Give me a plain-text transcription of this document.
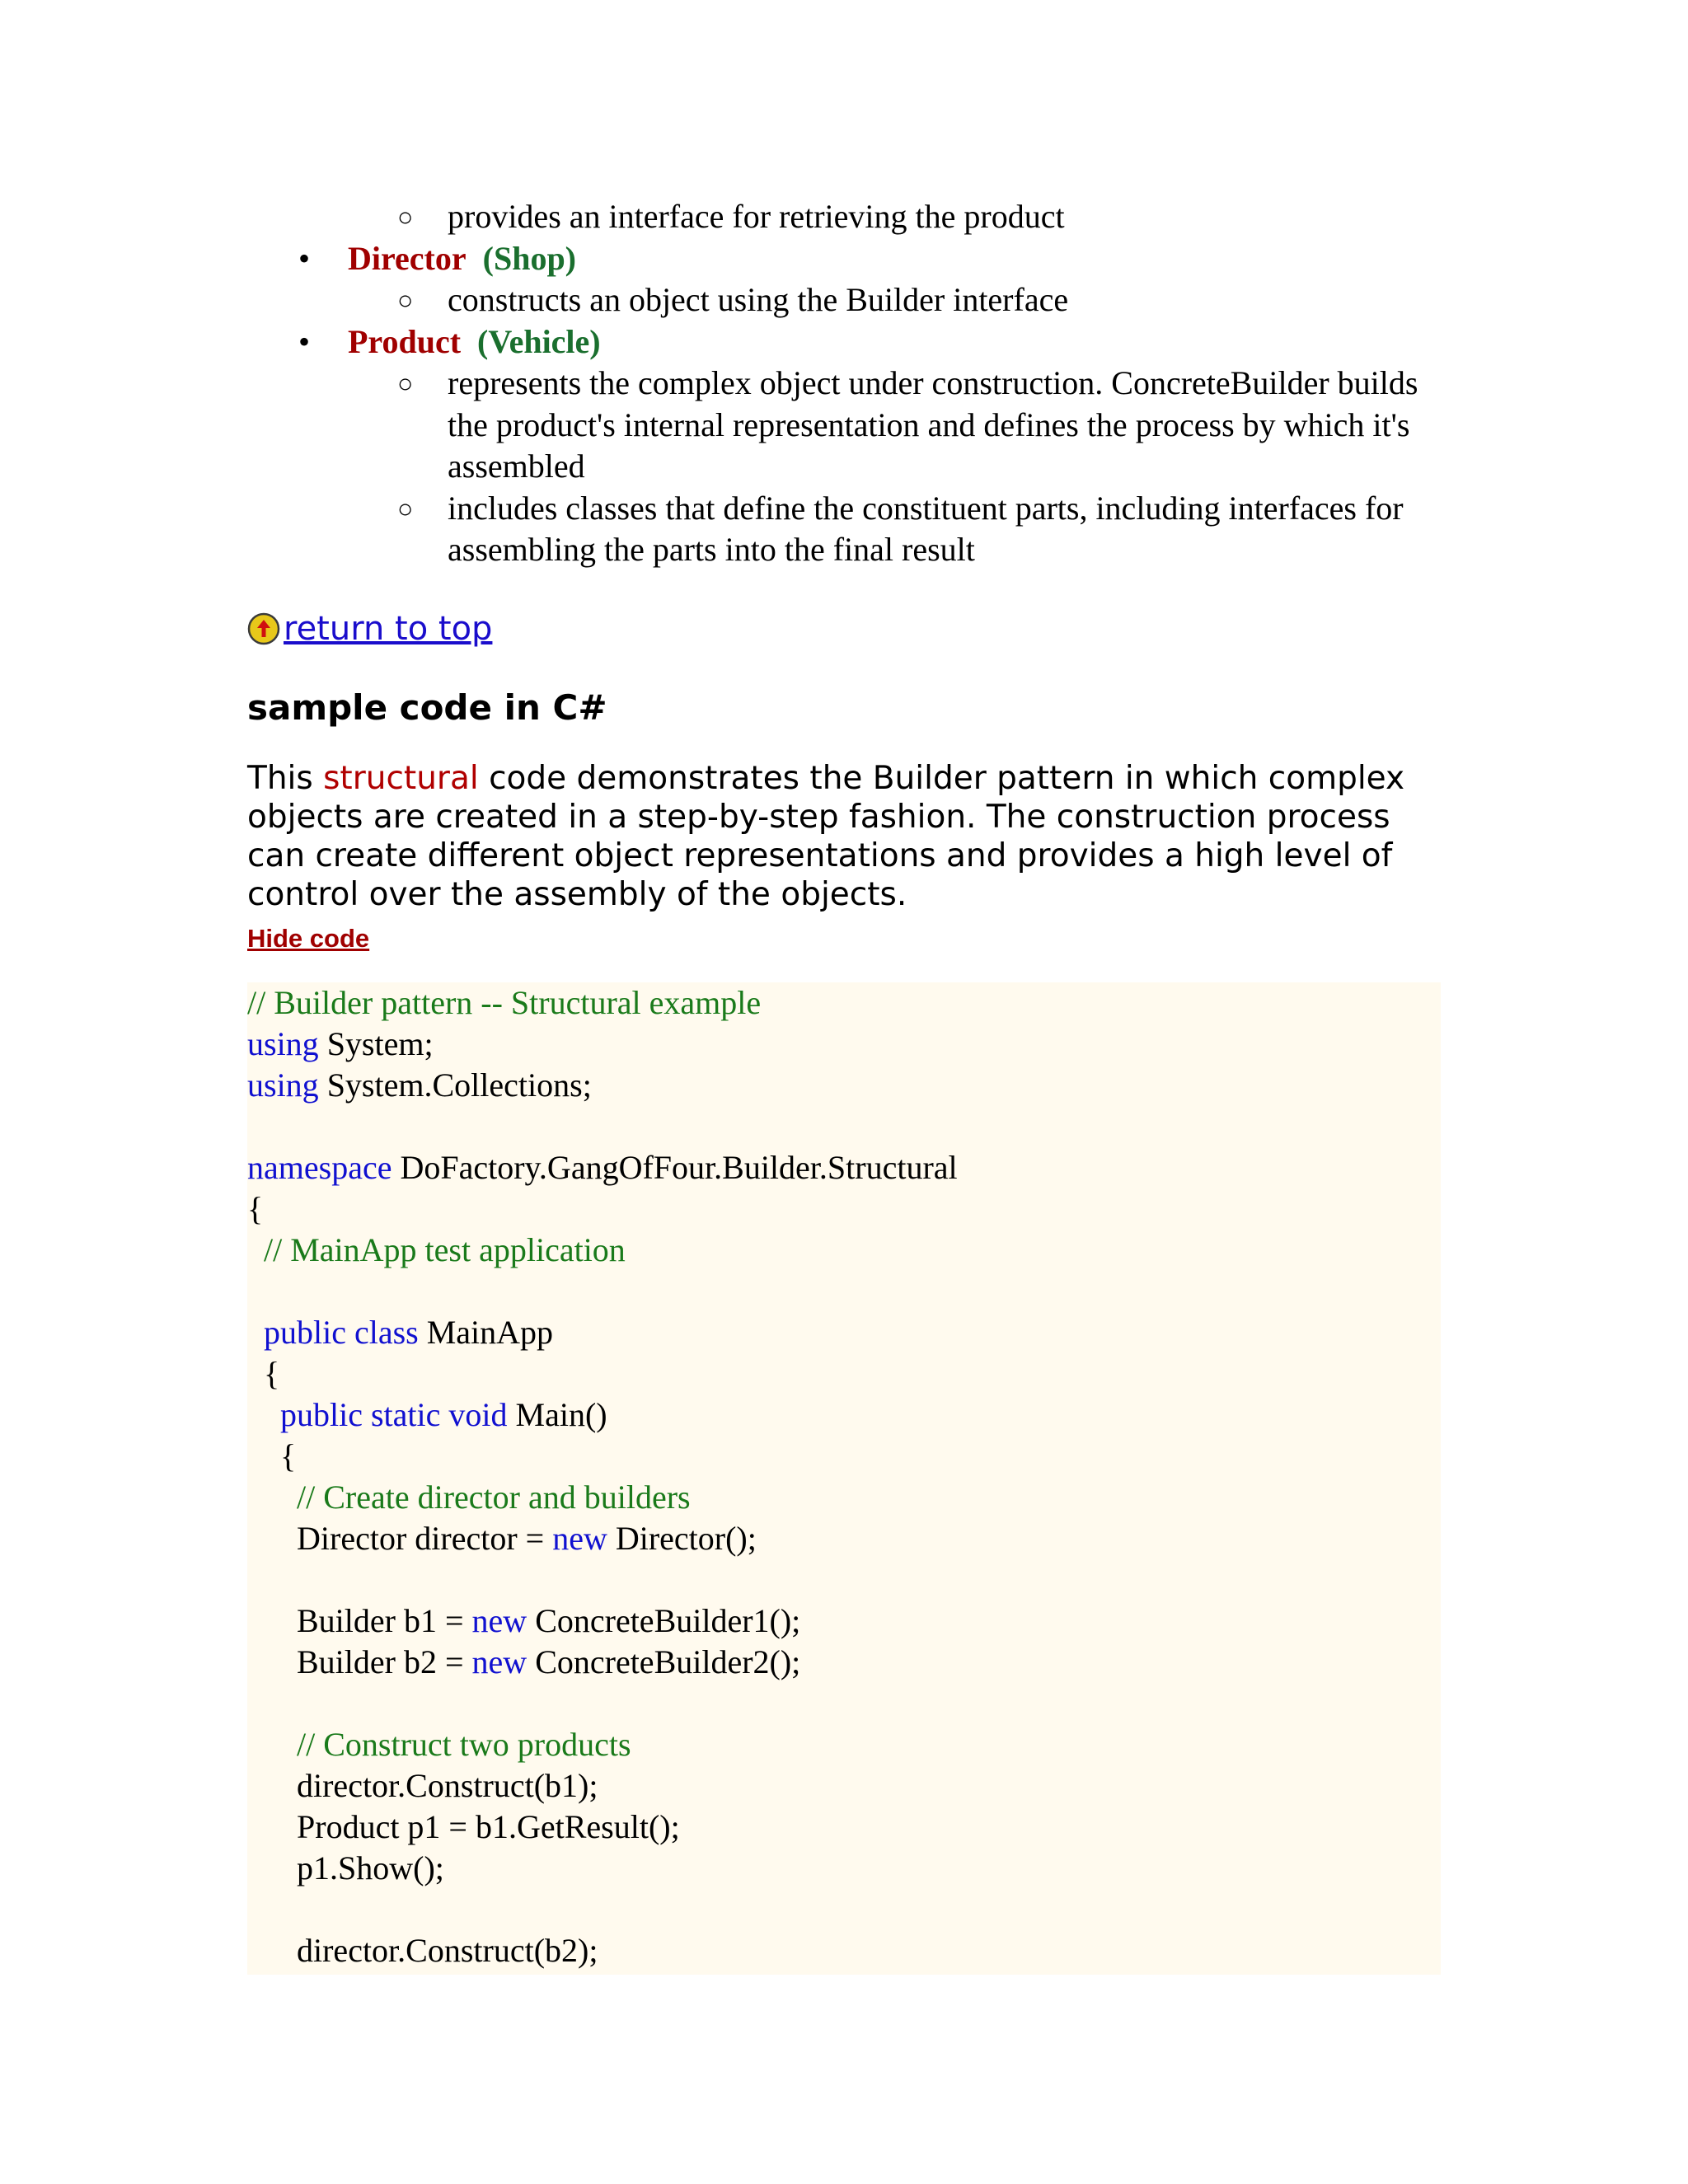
○ provides an interface for retrieving the product
• Director (Shop)
○ constructs an object using the Builder interface
• Product (Vehicle)
○ represents the complex object under construction. ConcreteBuilder builds the product's internal representation and defines the process by which it's assembled
○ includes classes that define the constituent parts, including interfaces for assembling the parts into the final result
return to top
sample code in C#
This structural code demonstrates the Builder pattern in which complex objects are created in a step-by-step fashion. The construction process can create different object representations and provides a high level of control over the assembly of the objects.
Hide code
// Builder pattern -- Structural example
using System;
using System.Collections;
namespace DoFactory.GangOfFour.Builder.Structural
{
// MainApp test application
public class MainApp
{
public static void Main()
{
// Create director and builders
Director director = new Director();
Builder b1 = new ConcreteBuilder1();
Builder b2 = new ConcreteBuilder2();
// Construct two products
director.Construct(b1);
Product p1 = b1.GetResult();
p1.Show();
director.Construct(b2);
